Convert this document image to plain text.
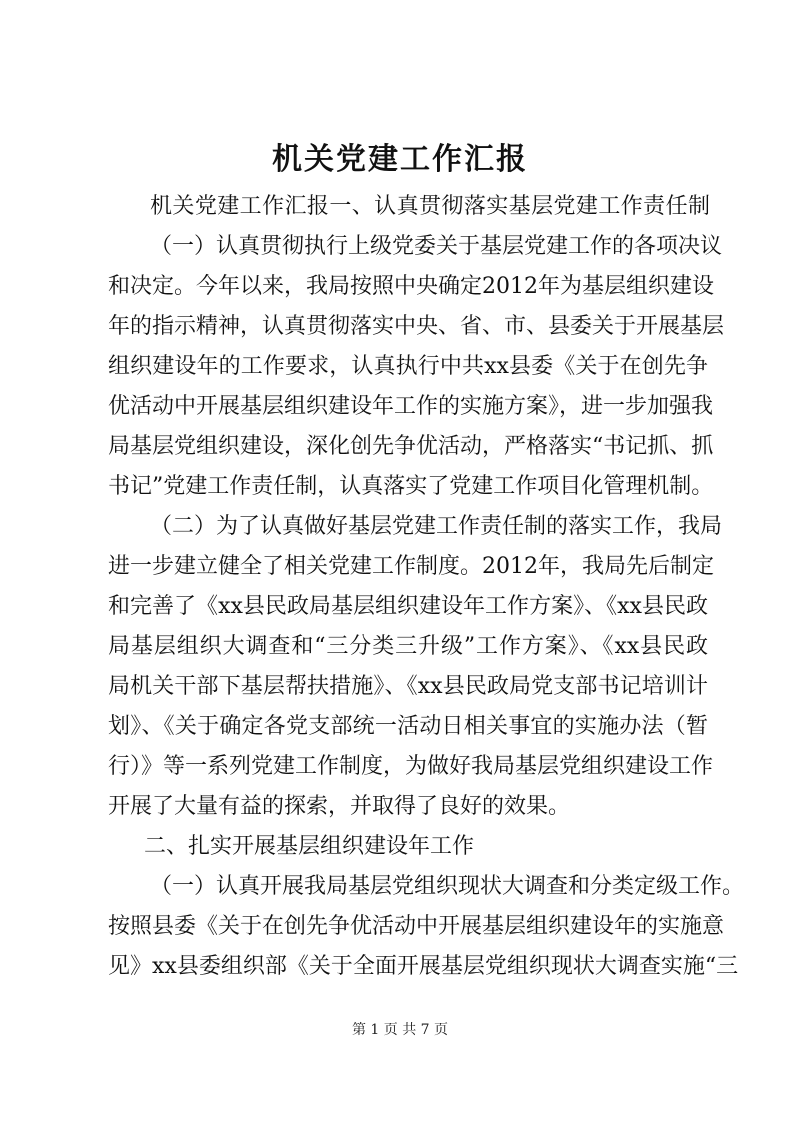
机关党建工作汇报
机关党建工作汇报一、认真贯彻落实基层党建工作责任制
（一）认真贯彻执行上级党委关于基层党建工作的各项决议
和决定。今年以来，我局按照中央确定2012年为基层组织建设
年的指示精神，认真贯彻落实中央、省、市、县委关于开展基层
组织建设年的工作要求，认真执行中共xx县委《关于在创先争
优活动中开展基层组织建设年工作的实施方案》，进一步加强我
局基层党组织建设，深化创先争优活动，严格落实“书记抓、抓
书记”党建工作责任制，认真落实了党建工作项目化管理机制。
（二）为了认真做好基层党建工作责任制的落实工作，我局
进一步建立健全了相关党建工作制度。2012年，我局先后制定
和完善了《xx县民政局基层组织建设年工作方案》、《xx县民政
局基层组织大调查和“三分类三升级”工作方案》、《xx县民政
局机关干部下基层帮扶措施》、《xx县民政局党支部书记培训计
划》、《关于确定各党支部统一活动日相关事宜的实施办法（暂
行）》等一系列党建工作制度，为做好我局基层党组织建设工作
开展了大量有益的探索，并取得了良好的效果。
二、扎实开展基层组织建设年工作
（一）认真开展我局基层党组织现状大调查和分类定级工作。
按照县委《关于在创先争优活动中开展基层组织建设年的实施意
见》xx县委组织部《关于全面开展基层党组织现状大调查实施“三
第 1 页 共 7 页
